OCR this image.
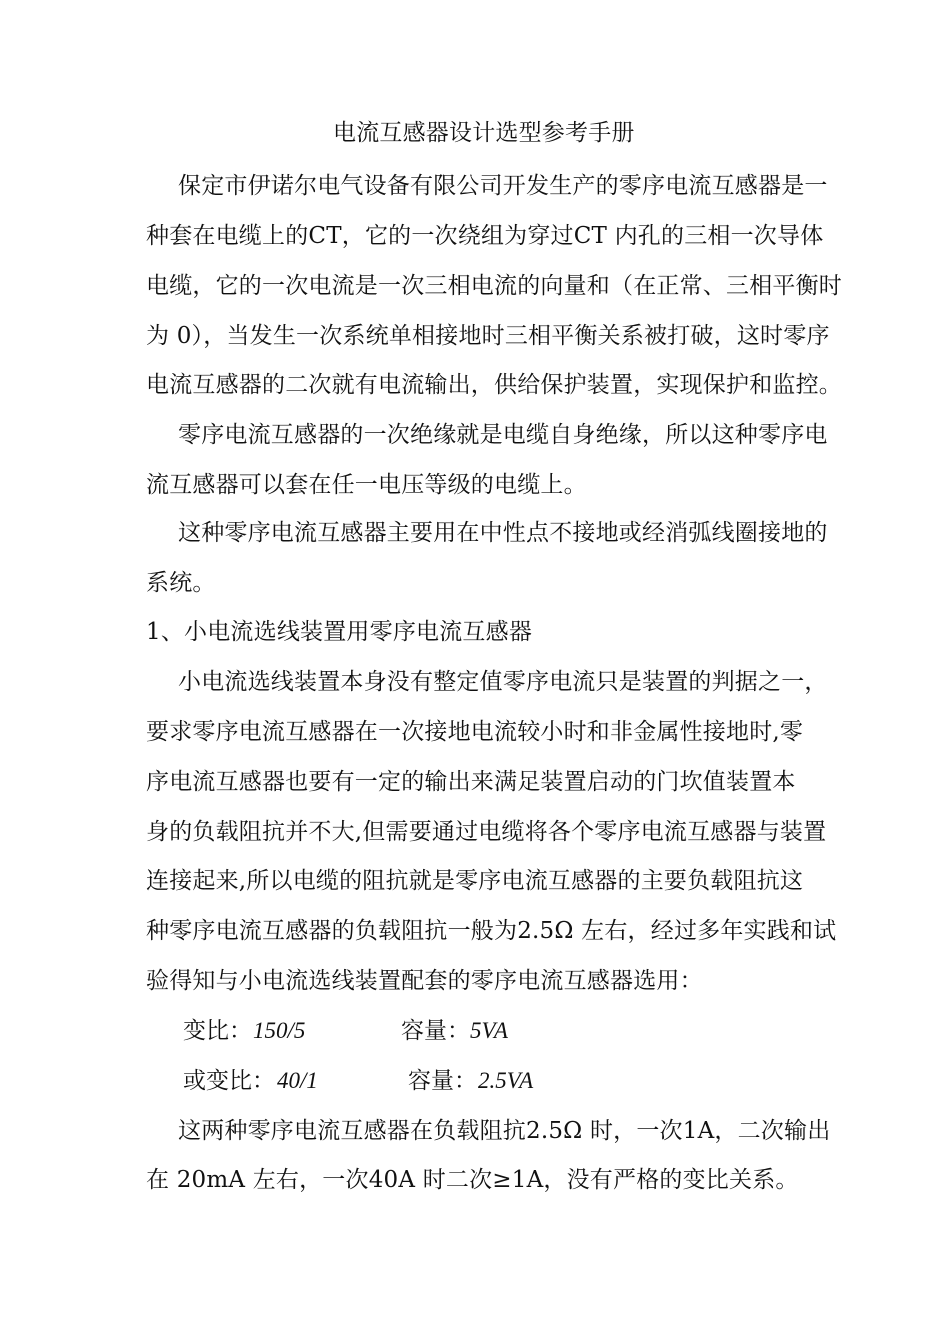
电流互感器设计选型参考手册
保定市伊诺尔电气设备有限公司开发生产的零序电流互感器是一
种套在电缆上的CT，它的一次绕组为穿过CT 内孔的三相一次导体
电缆，它的一次电流是一次三相电流的向量和（在正常、三相平衡时
为 0），当发生一次系统单相接地时三相平衡关系被打破，这时零序
电流互感器的二次就有电流输出，供给保护装置，实现保护和监控。
零序电流互感器的一次绝缘就是电缆自身绝缘，所以这种零序电
流互感器可以套在任一电压等级的电缆上。
这种零序电流互感器主要用在中性点不接地或经消弧线圈接地的
系统。
1、小电流选线装置用零序电流互感器
小电流选线装置本身没有整定值零序电流只是装置的判据之一，
要求零序电流互感器在一次接地电流较小时和非金属性接地时,零
序电流互感器也要有一定的输出来满足装置启动的门坎值装置本
身的负载阻抗并不大,但需要通过电缆将各个零序电流互感器与装置
连接起来,所以电缆的阻抗就是零序电流互感器的主要负载阻抗这
种零序电流互感器的负载阻抗一般为2.5Ω 左右，经过多年实践和试
验得知与小电流选线装置配套的零序电流互感器选用：
变比： 150/5	容量： 5VA
或变比： 40/1	容量： 2.5VA
这两种零序电流互感器在负载阻抗2.5Ω 时，一次1A，二次输出
在 20mA 左右，一次40A 时二次≥1A，没有严格的变比关系。
